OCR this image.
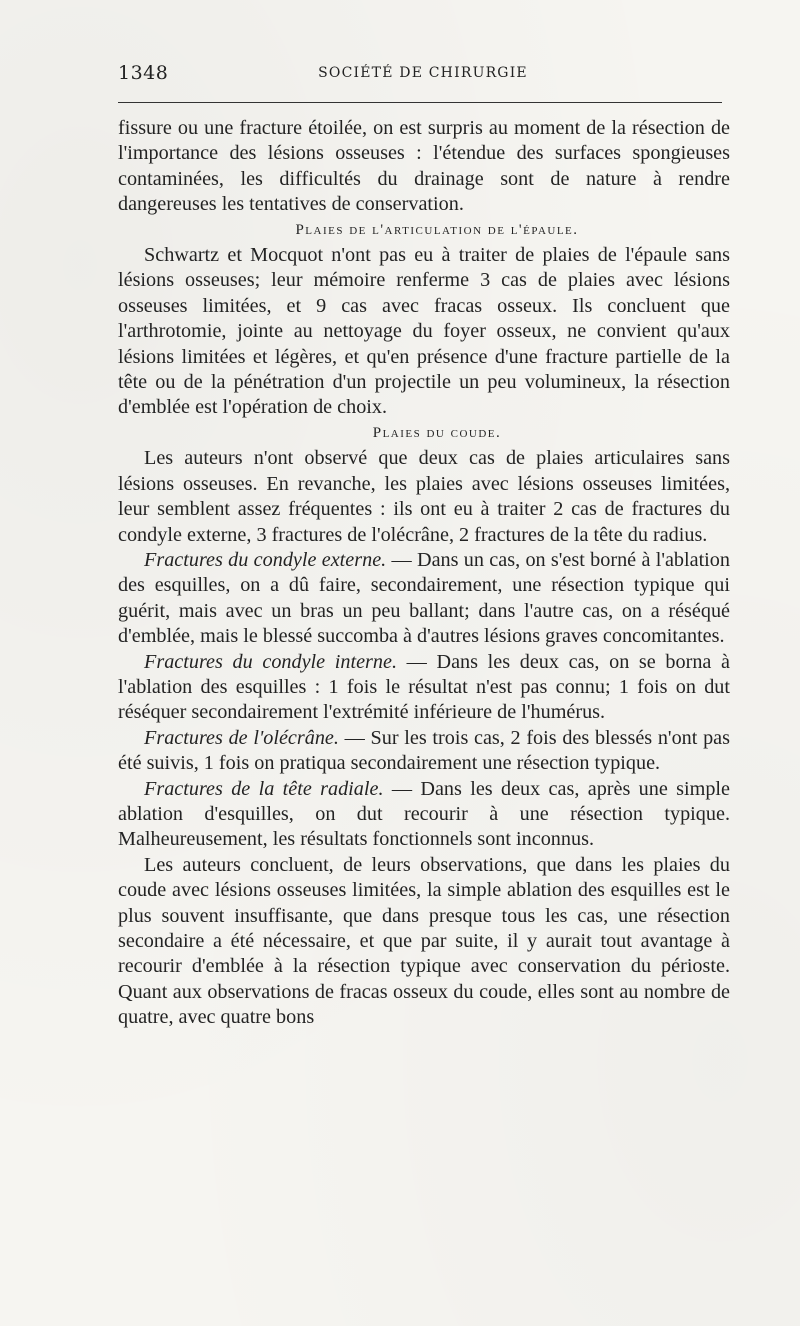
1348	SOCIÉTÉ DE CHIRURGIE

fissure ou une fracture étoilée, on est surpris au moment de la résection de l'importance des lésions osseuses : l'étendue des surfaces spongieuses contaminées, les difficultés du drainage sont de nature à rendre dangereuses les tentatives de conservation.

Plaies de l'articulation de l'épaule.

Schwartz et Mocquot n'ont pas eu à traiter de plaies de l'épaule sans lésions osseuses; leur mémoire renferme 3 cas de plaies avec lésions osseuses limitées, et 9 cas avec fracas osseux. Ils concluent que l'arthrotomie, jointe au nettoyage du foyer osseux, ne convient qu'aux lésions limitées et légères, et qu'en présence d'une fracture partielle de la tête ou de la pénétration d'un projectile un peu volumineux, la résection d'emblée est l'opération de choix.

Plaies du coude.

Les auteurs n'ont observé que deux cas de plaies articulaires sans lésions osseuses. En revanche, les plaies avec lésions osseuses limitées, leur semblent assez fréquentes : ils ont eu à traiter 2 cas de fractures du condyle externe, 3 fractures de l'olécrâne, 2 fractures de la tête du radius.

Fractures du condyle externe. — Dans un cas, on s'est borné à l'ablation des esquilles, on a dû faire, secondairement, une résection typique qui guérit, mais avec un bras un peu ballant; dans l'autre cas, on a réséqué d'emblée, mais le blessé succomba à d'autres lésions graves concomitantes.

Fractures du condyle interne. — Dans les deux cas, on se borna à l'ablation des esquilles : 1 fois le résultat n'est pas connu; 1 fois on dut réséquer secondairement l'extrémité inférieure de l'humérus.

Fractures de l'olécrâne. — Sur les trois cas, 2 fois des blessés n'ont pas été suivis, 1 fois on pratiqua secondairement une résection typique.

Fractures de la tête radiale. — Dans les deux cas, après une simple ablation d'esquilles, on dut recourir à une résection typique. Malheureusement, les résultats fonctionnels sont inconnus.

Les auteurs concluent, de leurs observations, que dans les plaies du coude avec lésions osseuses limitées, la simple ablation des esquilles est le plus souvent insuffisante, que dans presque tous les cas, une résection secondaire a été nécessaire, et que par suite, il y aurait tout avantage à recourir d'emblée à la résection typique avec conservation du périoste. Quant aux observations de fracas osseux du coude, elles sont au nombre de quatre, avec quatre bons
